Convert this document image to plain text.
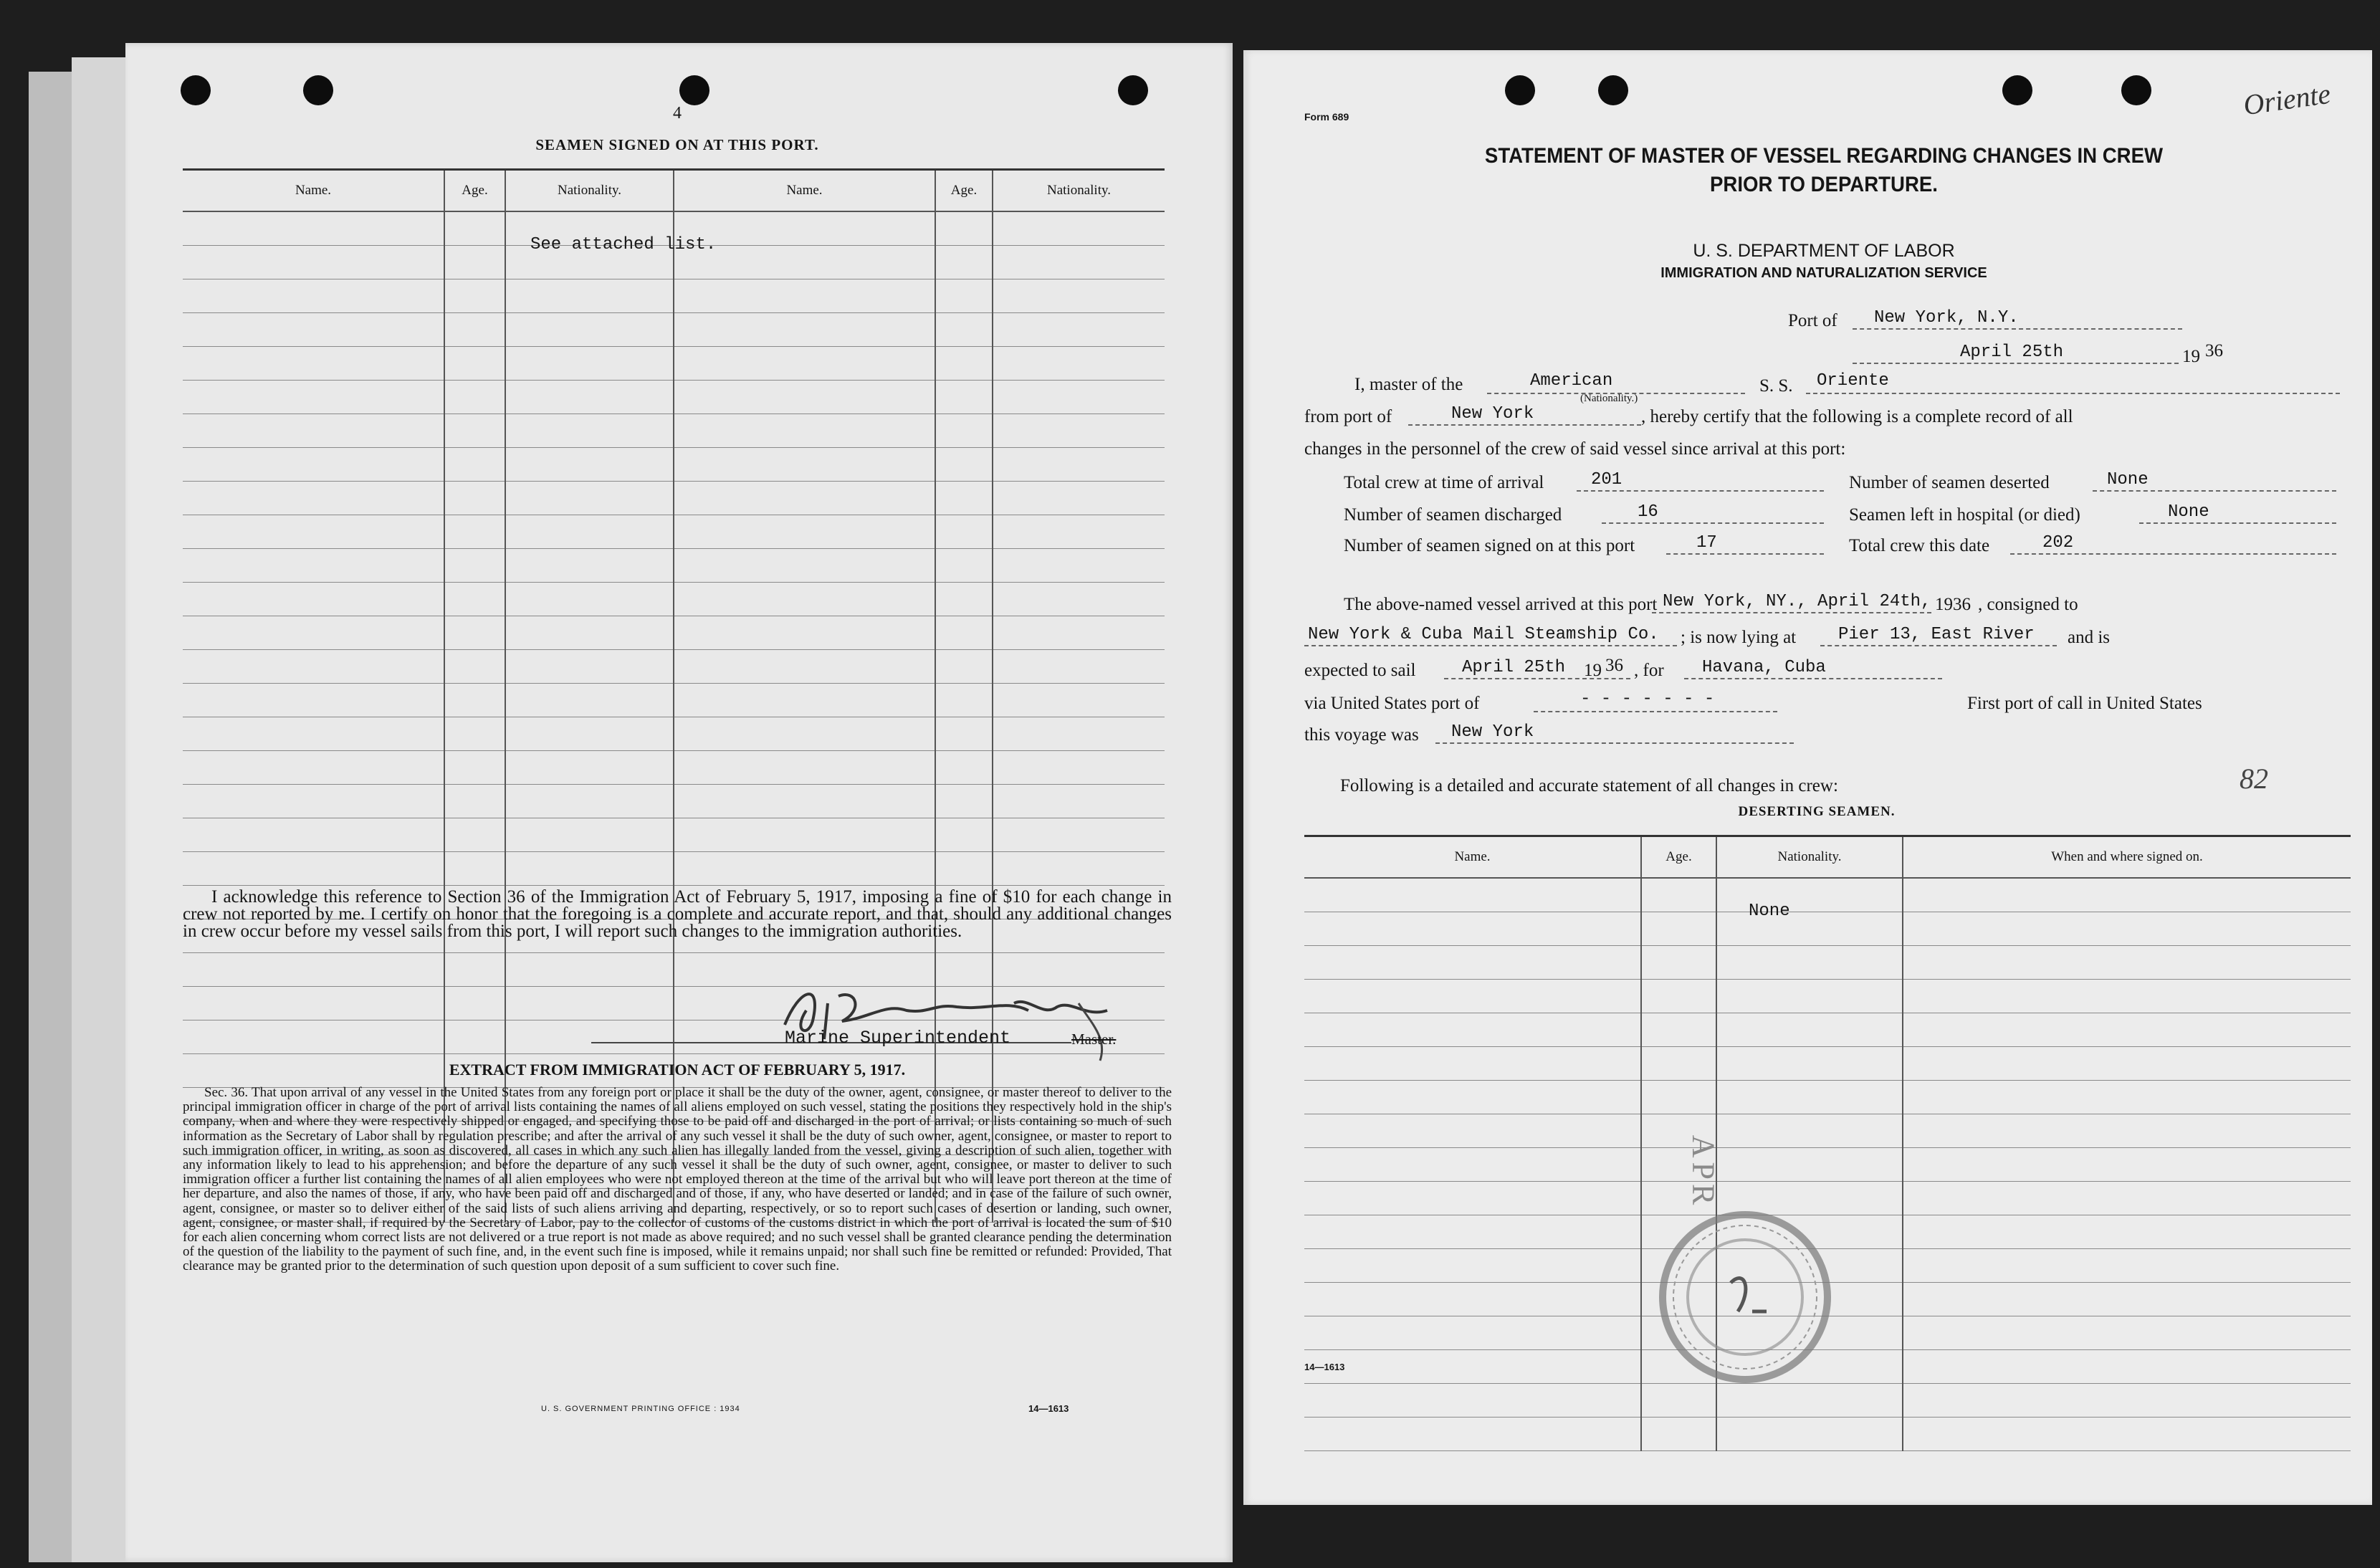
4
SEAMEN SIGNED ON AT THIS PORT.
Name.	Age.	Nationality.	Name.	Age.	Nationality.

See attached list.
I acknowledge this reference to Section 36 of the Immigration Act of February 5, 1917, imposing a fine of $10 for each change in crew not reported by me. I certify on honor that the foregoing is a complete and accurate report, and that, should any additional changes in crew occur before my vessel sails from this port, I will report such changes to the immigration authorities.
Marine Superintendent	Master.
EXTRACT FROM IMMIGRATION ACT OF FEBRUARY 5, 1917.
Sec. 36. That upon arrival of any vessel in the United States from any foreign port or place it shall be the duty of the owner, agent, consignee, or master thereof to deliver to the principal immigration officer in charge of the port of arrival lists containing the names of all aliens employed on such vessel, stating the positions they respectively hold in the ship's company, when and where they were respectively shipped or engaged, and specifying those to be paid off and discharged in the port of arrival; or lists containing so much of such information as the Secretary of Labor shall by regulation prescribe; and after the arrival of any such vessel it shall be the duty of such owner, agent, consignee, or master to report to such immigration officer, in writing, as soon as discovered, all cases in which any such alien has illegally landed from the vessel, giving a description of such alien, together with any information likely to lead to his apprehension; and before the departure of any such vessel it shall be the duty of such owner, agent, consignee, or master to deliver to such immigration officer a further list containing the names of all alien employees who were not employed thereon at the time of the arrival but who will leave port thereon at the time of her departure, and also the names of those, if any, who have been paid off and discharged and of those, if any, who have deserted or landed; and in case of the failure of such owner, agent, consignee, or master so to deliver either of the said lists of such aliens arriving and departing, respectively, or so to report such cases of desertion or landing, such owner, agent, consignee, or master shall, if required by the Secretary of Labor, pay to the collector of customs of the customs district in which the port of arrival is located the sum of $10 for each alien concerning whom correct lists are not delivered or a true report is not made as above required; and no such vessel shall be granted clearance pending the determination of the question of the liability to the payment of such fine, and, in the event such fine is imposed, while it remains unpaid; nor shall such fine be remitted or refunded: Provided, That clearance may be granted prior to the determination of such question upon deposit of a sum sufficient to cover such fine.
U. S. GOVERNMENT PRINTING OFFICE : 1934	14—1613
Form 689	Oriente
STATEMENT OF MASTER OF VESSEL REGARDING CHANGES IN CREW
PRIOR TO DEPARTURE.
U. S. DEPARTMENT OF LABOR
IMMIGRATION AND NATURALIZATION SERVICE
Port of New York, N.Y.
April 25th	19 36
I, master of the	American
(Nationality.)
S. S. Oriente
from port of	New York	, hereby certify that the following is a complete record of all
changes in the personnel of the crew of said vessel since arrival at this port:
Total crew at time of arrival	201	Number of seamen deserted	None
Number of seamen discharged	16	Seamen left in hospital (or died)	None
Number of seamen signed on at this port	17	Total crew this date	202
The above-named vessel arrived at this port New York, NY., April 24th, 1936 , consigned to
New York & Cuba Mail Steamship Co. ; is now lying at Pier 13, East River and is
expected to sail	April 25th 19 36 , for Havana, Cuba
via United States port of	- - - - - - -	First port of call in United States
this voyage was New York
Following is a detailed and accurate statement of all changes in crew:	82
DESERTING SEAMEN.
Name.	Age.	Nationality.	When and where signed on.

None
APR
14—1613
